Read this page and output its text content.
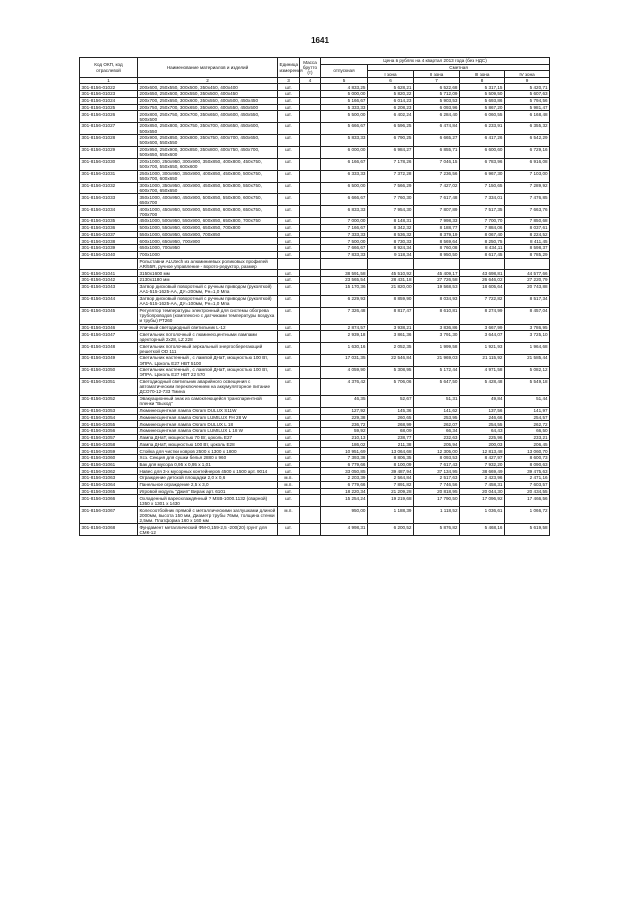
1641
Код ОКП, код отраслевой	Наименование материалов и изделий	Единица измерения	Масса брутто (т)	Цена в рублях на 4 квартал 2013 года (без НДС)				
				отпускная	Сметная			
					I зона	II зона	III зона	IV зона
1	2	3	4	5	6	7	8	9
301-8156-01022	200х600, 250х550, 300х500, 350х450, 400х400	шт.		4 833,25	5 628,21	6 522,68	5 317,15	5 420,71
301-8156-01023	200х650, 250х600, 300х550, 350х500, 400х450	шт.		5 000,00	5 820,22	5 712,09	5 509,50	5 607,63
301-8156-01024	200х700, 250х650, 300х600, 350х550, 400х500, 450х450	шт.		5 166,67	6 014,23	5 903,53	5 693,86	5 794,56
301-8156-01025	200х750, 250х700, 300х650, 350х600, 400х550, 450х500	шт.		5 333,33	6 208,23	6 093,96	5 867,20	5 981,47
301-8156-01026	200х800, 250х750, 300х700, 350х650, 400х600, 450х550, 500х500	шт.		5 500,00	6 402,24	6 284,40	6 060,55	6 168,48
301-8156-01027	200х850, 250х800, 300х750, 350х700, 400х650, 450х600, 500х550	шт.		5 666,67	6 596,25	6 474,84	6 233,91	6 355,32
301-8156-01028	200х900, 250х850, 300х800, 350х750, 400х700, 450х650, 500х600, 550х550	шт.		5 833,33	6 790,25	6 665,27	6 417,26	6 542,29
301-8156-01029	200х950, 250х900, 300х850, 350х800, 400х750, 450х700, 500х650, 550х600	шт.		6 000,00	6 984,27	6 855,71	6 600,60	6 729,16
301-8156-01030	200х1000, 250х950, 300х900, 350х850, 400х800, 450х750, 500х700, 550х650, 600х600	шт.		6 166,67	7 178,26	7 046,15	6 783,96	6 916,08
301-8156-01031	250х1000, 300х950, 350х900, 400х850, 450х800, 500х750, 550х700, 600х650	шт.		6 333,33	7 372,28	7 236,56	6 967,30	7 103,00
301-8156-01032	300х1000, 350х950, 400х900, 450х850, 500х800, 550х750, 600х700, 650х650	шт.		6 500,00	7 566,29	7 427,02	7 150,65	7 289,92
301-8156-01033	350х1000, 400х950, 450х900, 500х850, 550х800, 600х750, 650х700	шт.		6 666,67	7 760,30	7 617,48	7 334,01	7 476,85
301-8156-01034	400х1000, 450х950, 500х900, 550х850, 600х800, 650х750, 700х700	шт.		6 833,33	7 954,30	7 807,89	7 517,35	7 663,76
301-8156-01035	450х1000, 500х950, 550х900, 600х850, 650х800, 700х750	шт.		7 000,00	8 148,31	7 998,33	7 700,70	7 850,68
301-8156-01036	500х1000, 550х950, 600х900, 650х850, 700х800	шт.		7 166,67	8 342,32	8 188,77	7 884,06	8 037,61
301-8156-01037	550х1000, 600х950, 650х900, 700х850	шт.		7 333,33	8 536,32	8 379,19	8 067,40	8 224,52
301-8156-01038	600х1000, 650х950, 700х900	шт.		7 500,00	8 730,33	8 569,64	8 250,75	8 411,45
301-8156-01039	650х1000, 700х950	шт.		7 666,67	8 924,34	8 760,08	8 434,11	8 598,37
301-8156-01040	700х1000	шт.		7 833,33	9 118,34	8 950,50	8 617,45	8 785,29
	Рольставни ALUtech из алюминиевых роликовых профилей AR/55R, ручное управление - ворото-редуктор, размер							
301-8156-01041	3150х1600 мм	шт.		38 591,58	45 510,92	45 409,17	43 698,81	44 577,66
301-8156-01042	2130х1180 мм	шт.		23 565,54	28 431,18	27 726,58	26 646,02	27 220,79
301-8156-01043	Затвор дисковый поворотный с ручным приводом (рукояткой) АА1-515-1625-АА, ДУ=200мм, Рн=1,0 Мпа	шт.		15 170,36	21 820,00	19 568,53	18 605,64	20 743,88
301-8156-01044	Затвор дисковый поворотный с ручным приводом (рукояткой) АА1-515-1625-АА, ДУ=100мм, Рн=1,0 Мпа	шт.		6 229,93	8 859,90	8 034,93	7 722,82	8 517,34
301-8156-01045	Регулятор температуры электронный для системы обогрева трубопроводов (комплексно с датчиками температуры воздуха и трубы) РТ260	шт.		7 326,48	8 817,47	8 610,81	8 274,99	8 457,04
301-8156-01046	Уличный светодиодный светильник L-12	шт.		2 874,57	3 938,21	3 836,86	3 667,99	3 786,95
301-8156-01047	Светильник потолочный с люминесцентными лампами эдекторный 2х28, LZ 228	шт.		2 939,18	3 861,36	3 791,30	3 644,07	3 725,10
301-8156-01048	Светильник потолочный зеркальный энергосберегающий решеткой OD 111	шт.		1 630,16	2 052,35	1 999,58	1 921,93	1 964,68
301-8156-01049	Светильник настенный , с лампой ДНаТ, мощностью 100 Вт, ЭПРА. Цоколь Е27 НВТ 5100	шт.		17 031,35	22 546,84	21 969,03	21 115,92	21 585,44
301-8156-01050	Светильник настенный , с лампой ДНаТ, мощностью 100 Вт, ЭПРА. Цоколь Е27 НВТ 22 570	шт.		4 059,90	5 308,95	5 172,44	4 971,58	5 082,12
301-8156-01051	Светодиодный светильник аварийного освещения с автоматическим переключением на аккумуляторное питание ДСО70-12-733 Тмина	шт.		4 376,42	5 706,06	5 647,50	5 428,48	5 549,18
301-8156-01052	Эвакуационный знак из самоклеющейся транспарентной пленки "Выход"	шт.		46,35	52,67	51,31	49,84	51,44
301-8156-01053	Люминесцентная лампа Osram DULUX S11W	шт.		127,92	145,36	141,62	137,56	141,97
301-8156-01054	Люминесцентная лампа Osram LUMILUX FH 28 W	шт.		229,38	260,65	253,95	246,66	254,57
301-8156-01055	Люминесцентная лампа Osram DULUX L 18	шт.		236,72	268,99	262,07	254,55	262,72
301-8156-01056	Люминесцентная лампа Osram LUMILUX L 18 W	шт.		59,92	68,09	66,34	64,43	66,50
301-8156-01057	Лампа ДНаТ, мощностью 70 Вт, цоколь Е27	шт.		210,13	238,77	232,63	225,96	233,21
301-8156-01058	Лампа ДНаТ, мощностью 100 Вт, цоколь Е28	шт.		186,02	211,38	205,94	200,03	206,45
301-8156-01059	Стойка для чистки ковров 2500 х 1300 х 1800	шт.		10 951,69	13 064,68	12 305,00	12 813,48	13 060,70
301-8156-01060	Хсз. Секция для сушки белья 2880 х 960	шт.		7 393,38	8 806,35	8 093,53	8 427,97	8 600,73
301-8156-01061	Бак для мусора 0,95 х 0,95 х 1,01	шт.		6 779,66	8 100,09	7 617,43	7 932,20	8 090,63
301-8156-01062	Навес для 3-х мусорных контейнеров 4500 х 1500 арт. 9014	шт.		33 050,85	39 487,94	37 134,95	38 669,49	39 475,63
301-8156-01063	Ограждение детской площадки 2,0 х 0,6	м.п.		2 203,39	2 564,84	2 517,63	2 423,96	2 471,16
301-8156-01064	Панельное ограждение 2,5 х 3,0	м.п.		6 779,66	7 891,82	7 746,56	7 458,31	7 603,57
301-8156-01065	Игровой модуль "Джип" Вираж арт. 6101	шт.		18 220,34	21 209,28	20 818,95	20 044,30	20 434,55
301-8156-01066	Охладенный вареохлаждённый ? MSB-1000.1132 (сварной) 1350 х 1301 х 1430	шт.		15 254,24	19 219,68	17 790,50	17 096,92	17 466,56
301-8156-01067	Колесоотбойник прямой с металлическими заглушками длиной 2000мм, высота 150 мм, Диаметр трубы 76мм, толщина стенки 2,5мм. Платформа 160 х 160 мм	м.п.		950,00	1 188,39	1 118,52	1 036,61	1 066,72
301-8156-01068	Фундамент металлический ФМ-0,159-2,5 -200(20) грунт для СМК-12	шт.		4 998,31	6 200,52	5 876,82	5 468,16	5 619,58
